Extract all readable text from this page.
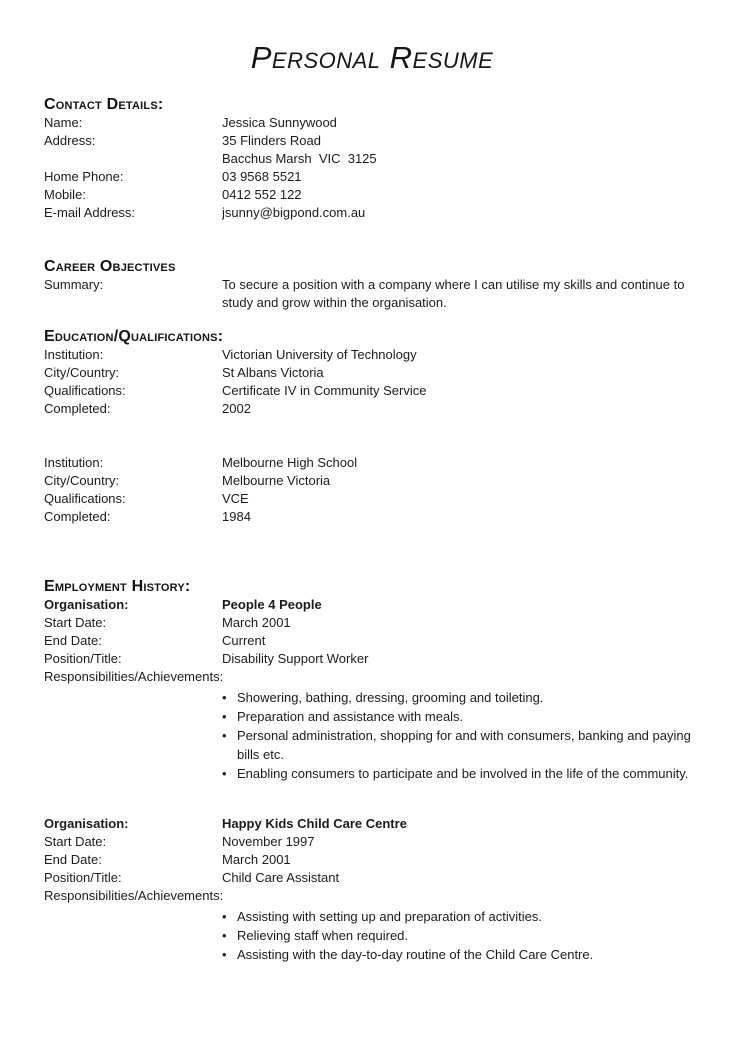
Personal Resume
Contact Details:
Name:	Jessica Sunnywood
Address:	35 Flinders Road
Bacchus Marsh  VIC  3125
Home Phone:	03 9568 5521
Mobile:	0412 552 122
E-mail Address:	jsunny@bigpond.com.au
Career Objectives
Summary:	To secure a position with a company where I can utilise my skills and continue to study and grow within the organisation.
Education/Qualifications:
Institution:	Victorian University of Technology
City/Country:	St Albans Victoria
Qualifications:	Certificate IV in Community Service
Completed:	2002
Institution:	Melbourne High School
City/Country:	Melbourne Victoria
Qualifications:	VCE
Completed:	1984
Employment History:
Organisation:	People 4 People
Start Date:	March 2001
End Date:	Current
Position/Title:	Disability Support Worker
Responsibilities/Achievements:
•
Showering, bathing, dressing, grooming and toileting.
•
Preparation and assistance with meals.
•
Personal administration, shopping for and with consumers, banking and paying bills etc.
•
Enabling consumers to participate and be involved in the life of the community.
Organisation:	Happy Kids Child Care Centre
Start Date:	November 1997
End Date:	March 2001
Position/Title:	Child Care Assistant
Responsibilities/Achievements:
•
Assisting with setting up and preparation of activities.
•
Relieving staff when required.
•
Assisting with the day-to-day routine of the Child Care Centre.
